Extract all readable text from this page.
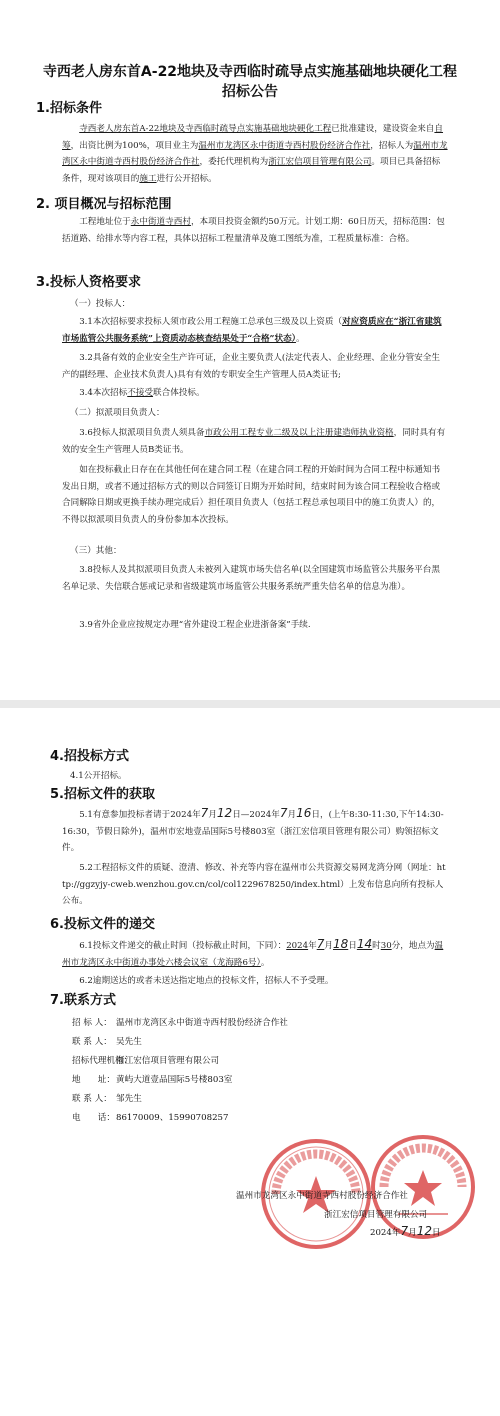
寺西老人房东首A-22地块及寺西临时疏导点实施基础地块硬化工程
招标公告
1.招标条件
寺西老人房东首A-22地块及寺西临时疏导点实施基础地块硬化工程已批准建设，建设资金来自自筹，出资比例为100%，项目业主为温州市龙湾区永中街道寺西村股份经济合作社，招标人为温州市龙湾区永中街道寺西村股份经济合作社，委托代理机构为浙江宏信项目管理有限公司。项目已具备招标条件，现对该项目的施工进行公开招标。
2. 项目概况与招标范围
工程地址位于永中街道寺西村，本项目投资金额约50万元。计划工期：60日历天，招标范围：包括道路、给排水等内容工程，具体以招标工程量清单及施工图纸为准，工程质量标准：合格。
3.投标人资格要求
（一）投标人：
3.1本次招标要求投标人须市政公用工程施工总承包三级及以上资质（对应资质应在“浙江省建筑市场监管公共服务系统”上资质动态核查结果处于“合格”状态）。
3.2具备有效的企业安全生产许可证，企业主要负责人(法定代表人、企业经理、企业分管安全生产的副经理、企业技术负责人)具有有效的专职安全生产管理人员A类证书;
3.4本次招标不接受联合体投标。
（二）拟派项目负责人：
3.6投标人拟派项目负责人须具备市政公用工程专业二级及以上注册建造师执业资格，同时具有有效的安全生产管理人员B类证书。
如在投标截止日存在在其他任何在建合同工程（在建合同工程的开始时间为合同工程中标通知书发出日期，或者不通过招标方式的则以合同签订日期为开始时间，结束时间为该合同工程验收合格或合同解除日期或更换手续办理完成后）担任项目负责人（包括工程总承包项目中的施工负责人）的，不得以拟派项目负责人的身份参加本次投标。
（三）其他：
3.8投标人及其拟派项目负责人未被列入建筑市场失信名单(以全国建筑市场监管公共服务平台黑名单记录、失信联合惩戒记录和省级建筑市场监管公共服务系统严重失信名单的信息为准）。
3.9省外企业应按规定办理“省外建设工程企业进浙备案”手续.
4.招投标方式
4.1公开招标。
5.招标文件的获取
5.1有意参加投标者请于2024年7月12日—2024年7月16日，(上午8:30-11:30,下午14:30-16:30，节假日除外)，温州市宏地壹品国际5号楼803室（浙江宏信项目管理有限公司）购领招标文件。
5.2工程招标文件的质疑、澄清、修改、补充等内容在温州市公共资源交易网龙湾分网（网址：http://ggzyjy-cweb.wenzhou.gov.cn/col/col1229678250/index.html）上发布信息向所有投标人公布。
6.投标文件的递交
6.1投标文件递交的截止时间（投标截止时间，下同）：2024年7月18日14时30分，地点为温州市龙湾区永中街道办事处六楼会议室（龙海路6号）。
6.2逾期送达的或者未送达指定地点的投标文件，招标人不予受理。
7.联系方式
招 标 人： 温州市龙湾区永中街道寺西村股份经济合作社
联 系 人： 吴先生
招标代理机构：浙江宏信项目管理有限公司
地　　址：黄屿大道壹品国际5号楼803室
联 系 人： 邹先生
电　　话：86170009、15990708257
温州市龙湾区永中街道寺西村股份经济合作社
浙江宏信项目管理有限公司
2024年7月12日
